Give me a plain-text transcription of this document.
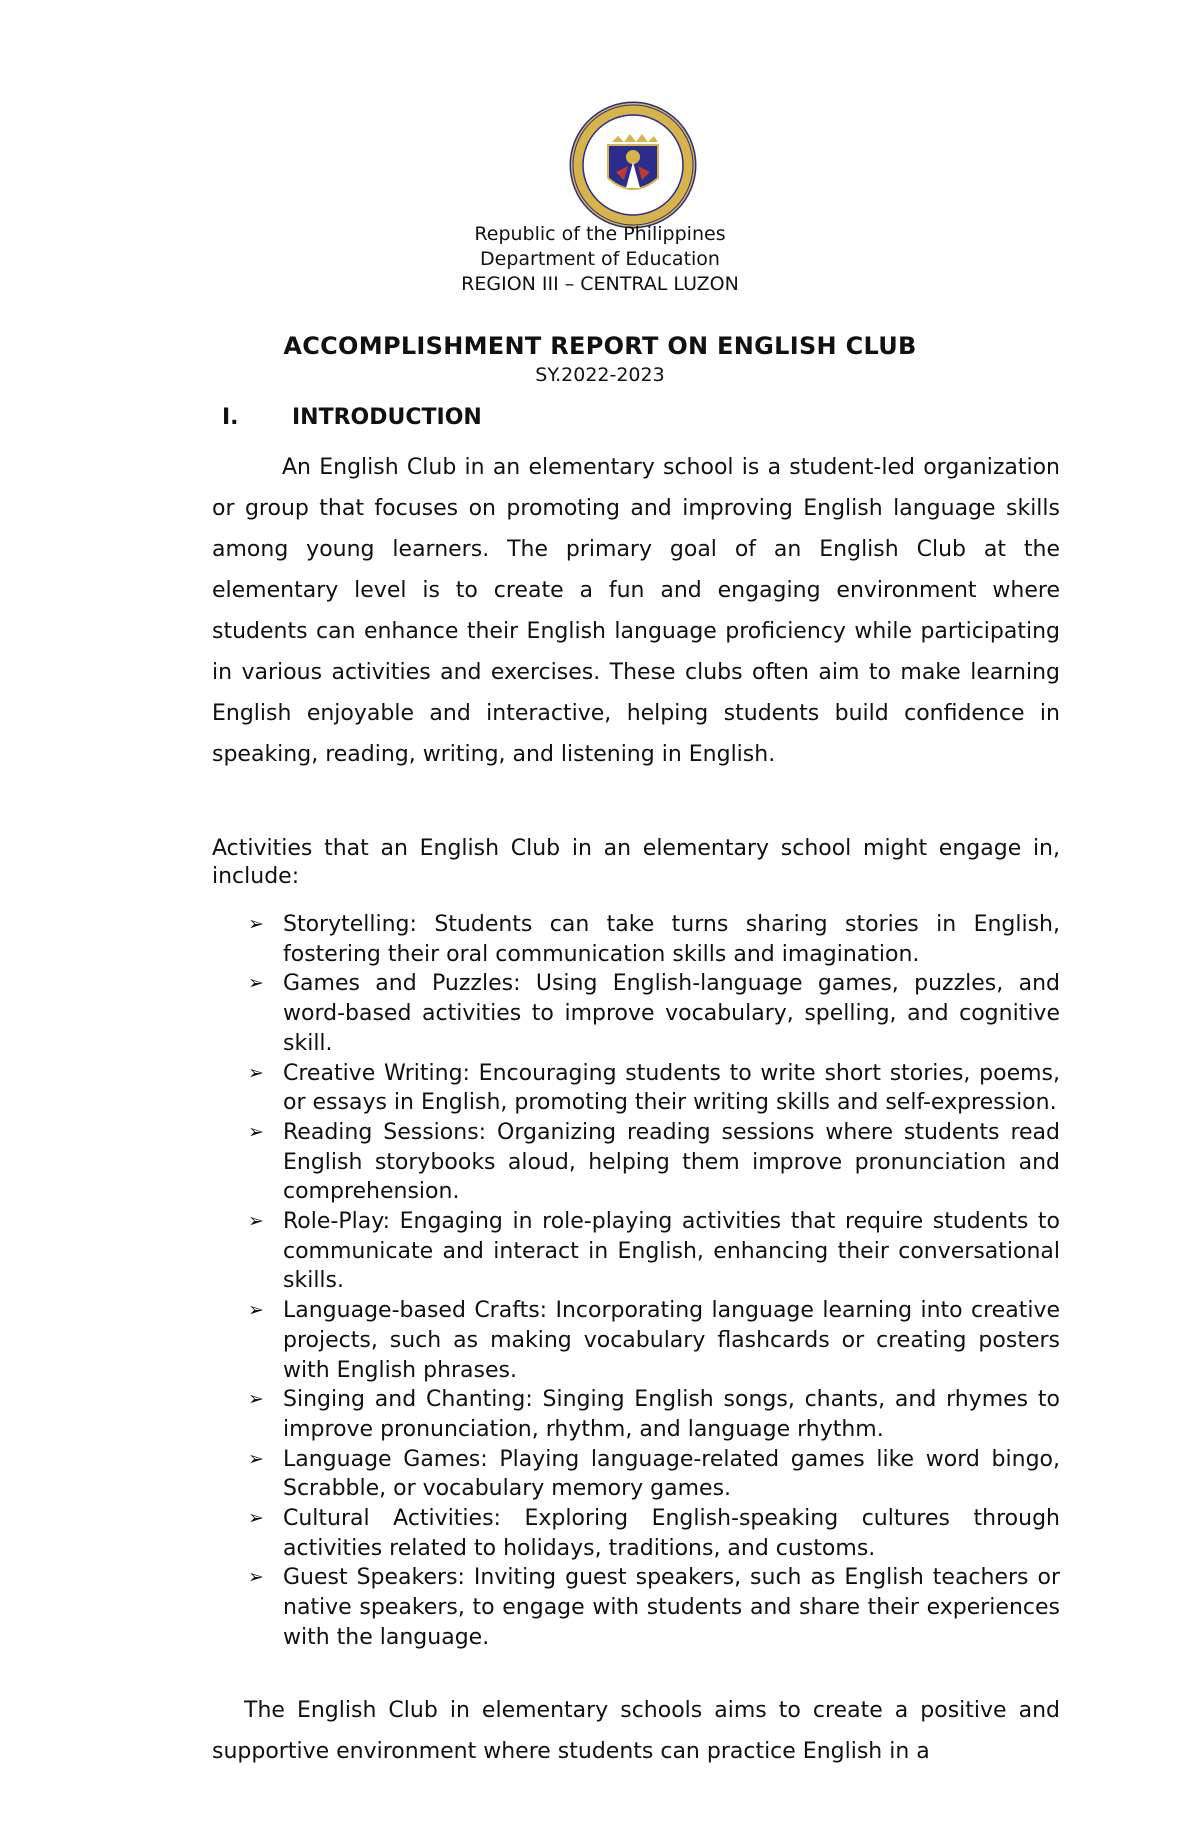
Republic of the Philippines
Department of Education
REGION III – CENTRAL LUZON
ACCOMPLISHMENT REPORT ON ENGLISH CLUB
SY.2022-2023
I. INTRODUCTION

An English Club in an elementary school is a student-led organization or group that focuses on promoting and improving English language skills among young learners. The primary goal of an English Club at the elementary level is to create a fun and engaging environment where students can enhance their English language proficiency while participating in various activities and exercises. These clubs often aim to make learning English enjoyable and interactive, helping students build confidence in speaking, reading, writing, and listening in English.

Activities that an English Club in an elementary school might engage in, include:

➢ Storytelling: Students can take turns sharing stories in English, fostering their oral communication skills and imagination.
➢ Games and Puzzles: Using English-language games, puzzles, and word-based activities to improve vocabulary, spelling, and cognitive skill.
➢ Creative Writing: Encouraging students to write short stories, poems, or essays in English, promoting their writing skills and self-expression.
➢ Reading Sessions: Organizing reading sessions where students read English storybooks aloud, helping them improve pronunciation and comprehension.
➢ Role-Play: Engaging in role-playing activities that require students to communicate and interact in English, enhancing their conversational skills.
➢ Language-based Crafts: Incorporating language learning into creative projects, such as making vocabulary flashcards or creating posters with English phrases.
➢ Singing and Chanting: Singing English songs, chants, and rhymes to improve pronunciation, rhythm, and language rhythm.
➢ Language Games: Playing language-related games like word bingo, Scrabble, or vocabulary memory games.
➢ Cultural Activities: Exploring English-speaking cultures through activities related to holidays, traditions, and customs.
➢ Guest Speakers: Inviting guest speakers, such as English teachers or native speakers, to engage with students and share their experiences with the language.

The English Club in elementary schools aims to create a positive and supportive environment where students can practice English in a
